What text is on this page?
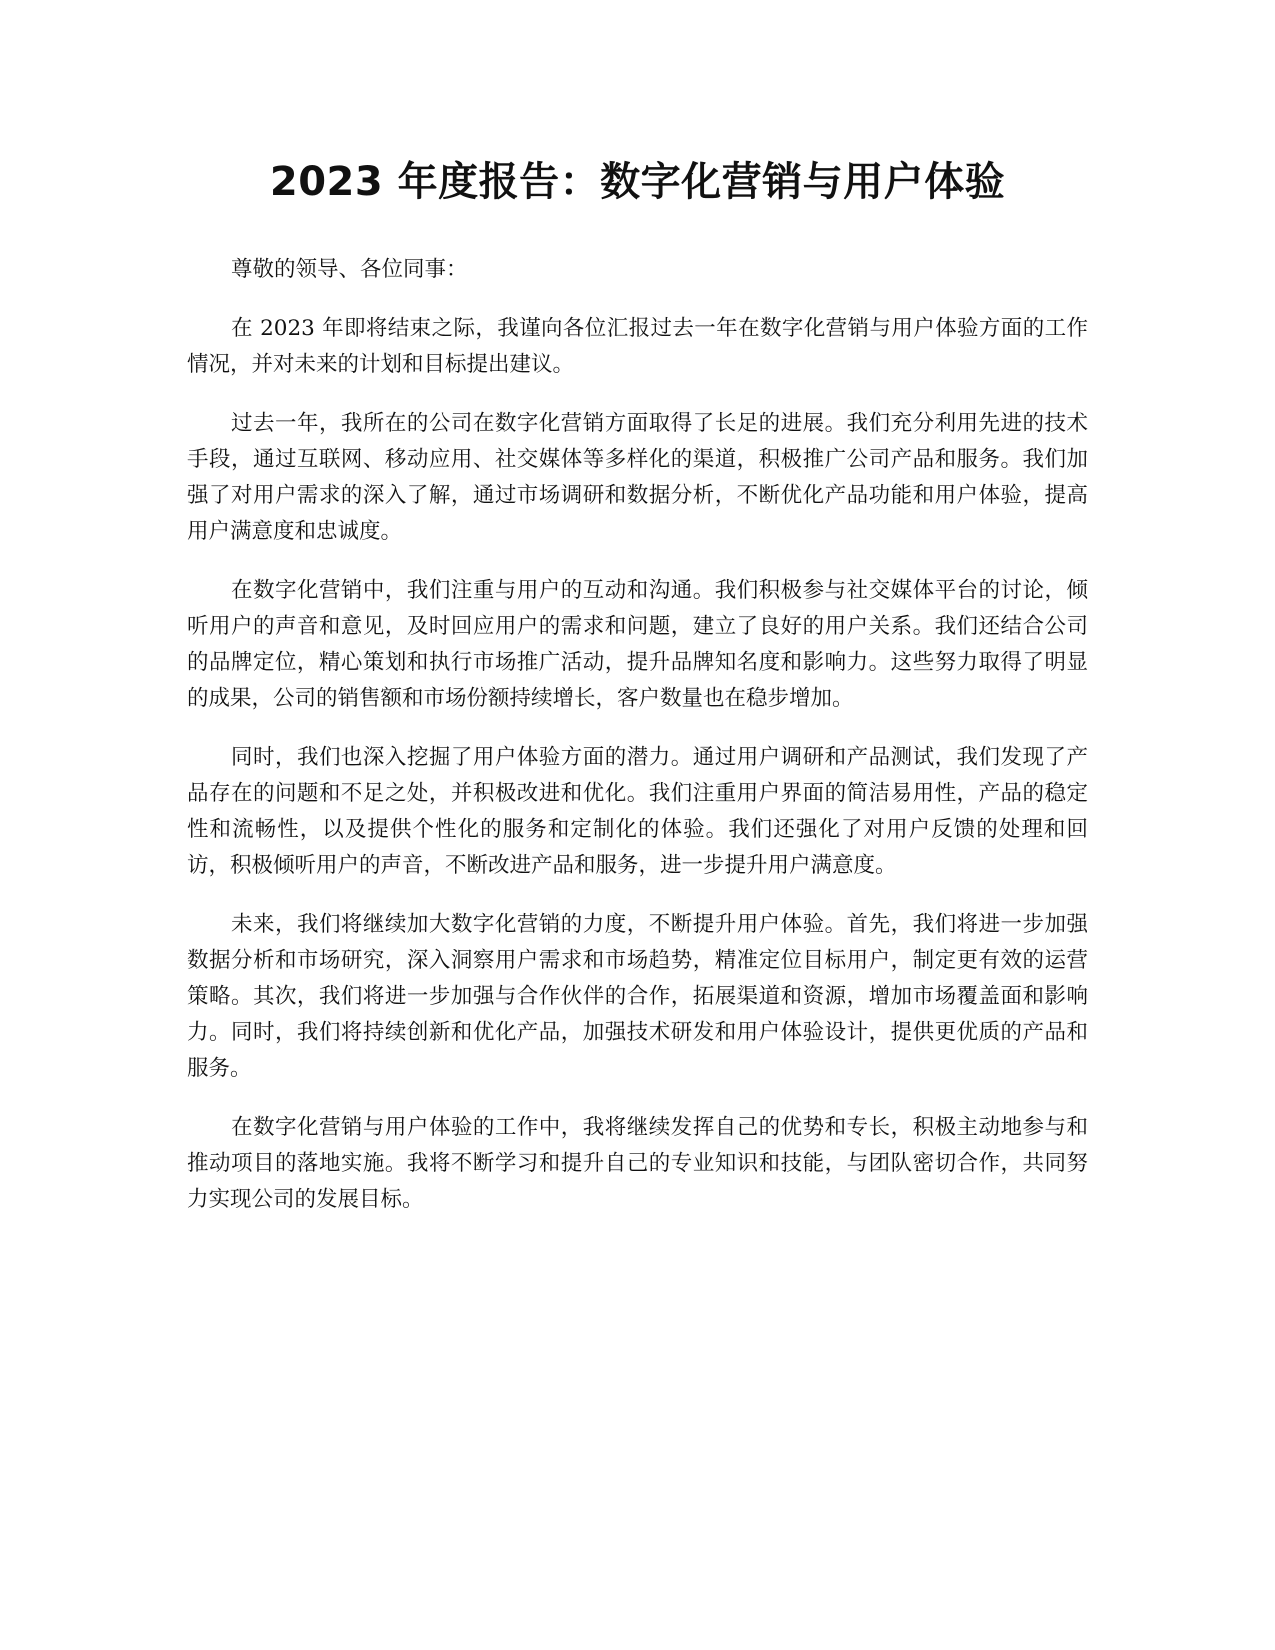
2023 年度报告：数字化营销与用户体验

尊敬的领导、各位同事：

在 2023 年即将结束之际，我谨向各位汇报过去一年在数字化营销与用户体验方面的工作情况，并对未来的计划和目标提出建议。

过去一年，我所在的公司在数字化营销方面取得了长足的进展。我们充分利用先进的技术手段，通过互联网、移动应用、社交媒体等多样化的渠道，积极推广公司产品和服务。我们加强了对用户需求的深入了解，通过市场调研和数据分析，不断优化产品功能和用户体验，提高用户满意度和忠诚度。

在数字化营销中，我们注重与用户的互动和沟通。我们积极参与社交媒体平台的讨论，倾听用户的声音和意见，及时回应用户的需求和问题，建立了良好的用户关系。我们还结合公司的品牌定位，精心策划和执行市场推广活动，提升品牌知名度和影响力。这些努力取得了明显的成果，公司的销售额和市场份额持续增长，客户数量也在稳步增加。

同时，我们也深入挖掘了用户体验方面的潜力。通过用户调研和产品测试，我们发现了产品存在的问题和不足之处，并积极改进和优化。我们注重用户界面的简洁易用性，产品的稳定性和流畅性，以及提供个性化的服务和定制化的体验。我们还强化了对用户反馈的处理和回访，积极倾听用户的声音，不断改进产品和服务，进一步提升用户满意度。

未来，我们将继续加大数字化营销的力度，不断提升用户体验。首先，我们将进一步加强数据分析和市场研究，深入洞察用户需求和市场趋势，精准定位目标用户，制定更有效的运营策略。其次，我们将进一步加强与合作伙伴的合作，拓展渠道和资源，增加市场覆盖面和影响力。同时，我们将持续创新和优化产品，加强技术研发和用户体验设计，提供更优质的产品和服务。

在数字化营销与用户体验的工作中，我将继续发挥自己的优势和专长，积极主动地参与和推动项目的落地实施。我将不断学习和提升自己的专业知识和技能，与团队密切合作，共同努力实现公司的发展目标。
